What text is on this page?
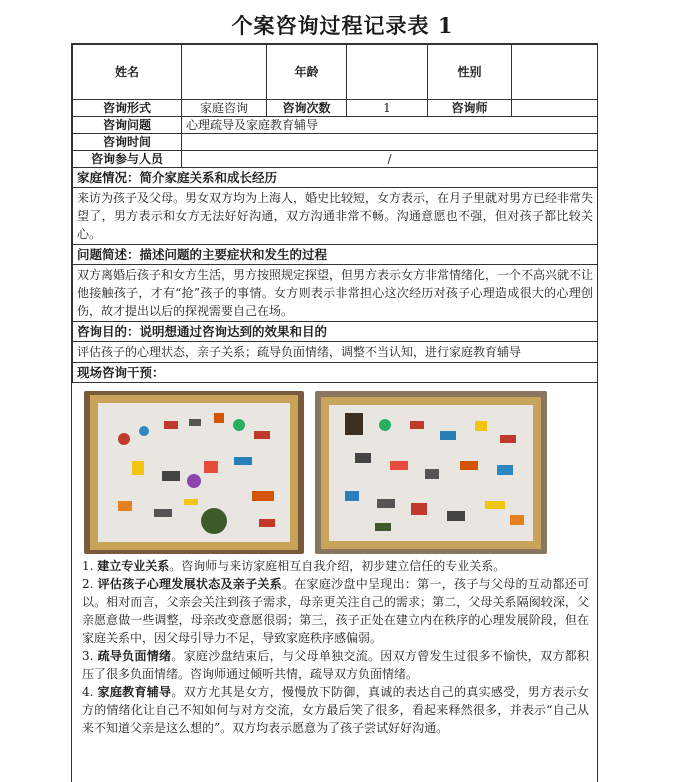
个案咨询过程记录表 1
姓名		年龄		性别	
咨询形式	家庭咨询	咨询次数	1	咨询师	
咨询问题	心理疏导及家庭教育辅导				
咨询时间					
咨询参与人员	/				
家庭情况：简介家庭关系和成长经历					
来访为孩子及父母。男女双方均为上海人，婚史比较短，女方表示，在月子里就对男方已经非常失望了，男方表示和女方无法好好沟通，双方沟通非常不畅。沟通意愿也不强，但对孩子都比较关心。					
问题简述：描述问题的主要症状和发生的过程					
双方离婚后孩子和女方生活，男方按照规定探望，但男方表示女方非常情绪化，一个不高兴就不让他接触孩子，才有“抢”孩子的事情。女方则表示非常担心这次经历对孩子心理造成很大的心理创伤，故才提出以后的探视需要自己在场。					
咨询目的：说明想通过咨询达到的效果和目的					
评估孩子的心理状态，亲子关系；疏导负面情绪，调整不当认知，进行家庭教育辅导					
现场咨询干预：					

1. 建立专业关系。咨询师与来访家庭相互自我介绍，初步建立信任的专业关系。

2. 评估孩子心理发展状态及亲子关系。在家庭沙盘中呈现出：第一，孩子与父母的互动都还可以。相对而言，父亲会关注到孩子需求，母亲更关注自己的需求；第二，父母关系隔阂较深，父亲愿意做一些调整，母亲改变意愿很弱；第三，孩子正处在建立内在秩序的心理发展阶段，但在家庭关系中，因父母引导力不足，导致家庭秩序感偏弱。

3. 疏导负面情绪。家庭沙盘结束后，与父母单独交流。因双方曾发生过很多不愉快，双方都积压了很多负面情绪。咨询师通过倾听共情，疏导双方负面情绪。

4. 家庭教育辅导。双方尤其是女方，慢慢放下防御，真诚的表达自己的真实感受，男方表示女方的情绪化让自己不知如何与对方交流，女方最后笑了很多，看起来释然很多，并表示“自己从来不知道父亲是这么想的”。双方均表示愿意为了孩子尝试好好沟通。
